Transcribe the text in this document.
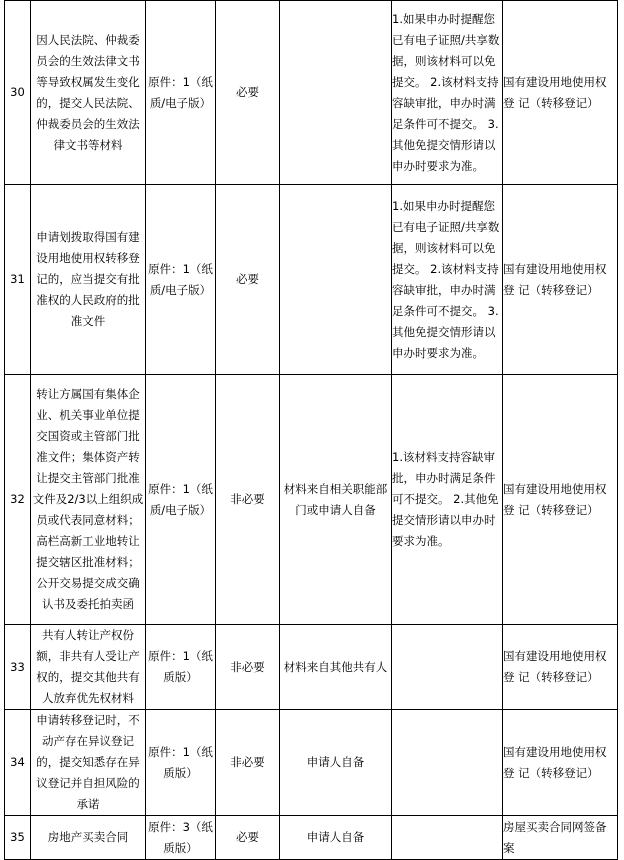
30	因人民法院、仲裁委 员会的生效法律文书 等导致权属发生变化 的，提交人民法院、 仲裁委员会的生效法 律文书等材料	原件：1（纸质/电子版）	必要		1.如果申办时提醒您已有电子证照/共享数据，则该材料可以免提交。 2.该材料支持容缺审批，申办时满足条件可不提交。 3.其他免提交情形请以申办时要求为准。	国有建设用地使用权登 记（转移登记）
31	申请划拨取得国有建设用地使用权转移登记的，应当提交有批准权的人民政府的批准文件	原件：1（纸质/电子版）	必要		1.如果申办时提醒您已有电子证照/共享数据，则该材料可以免提交。 2.该材料支持容缺审批，申办时满足条件可不提交。 3.其他免提交情形请以申办时要求为准。	国有建设用地使用权登 记（转移登记）
32	转让方属国有集体企业、机关事业单位提交国资或主管部门批准文件；集体资产转让提交主管部门批准文件及2/3以上组织成员或代表同意材料；高栏高新工业地转让提交辖区批准材料；公开交易提交成交确认书及委托拍卖函	原件：1（纸质/电子版）	非必要	材料来自相关职能部门或申请人自备	1.该材料支持容缺审批，申办时满足条件可不提交。 2.其他免提交情形请以申办时要求为准。	国有建设用地使用权登 记（转移登记）
33	共有人转让产权份额，非共有人受让产权的，提交其他共有人放弃优先权材料	原件：1（纸质版）	非必要	材料来自其他共有人		国有建设用地使用权登 记（转移登记）
34	申请转移登记时，不动产存在异议登记的，提交知悉存在异议登记并自担风险的承诺	原件：1（纸质版）	非必要	申请人自备		国有建设用地使用权登 记（转移登记）
35	房地产买卖合同	原件：3（纸质版）	必要	申请人自备		房屋买卖合同网签备案
